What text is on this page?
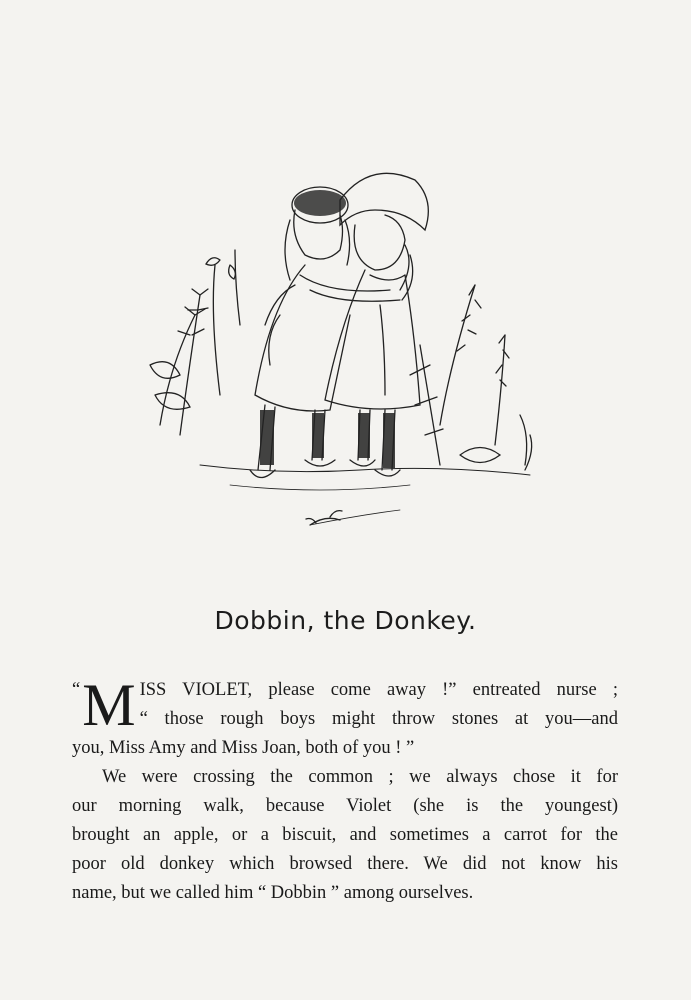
Dobbin, the Donkey.
“ M ISS VIOLET, please come away !” entreated nurse ;
“ those rough boys might throw stones at you—and
you, Miss Amy and Miss Joan, both of you ! ”
We were crossing the common ; we always chose it for
our morning walk, because Violet (she is the youngest)
brought an apple, or a biscuit, and sometimes a carrot for the
poor old donkey which browsed there. We did not know his
name, but we called him “ Dobbin ” among ourselves.
